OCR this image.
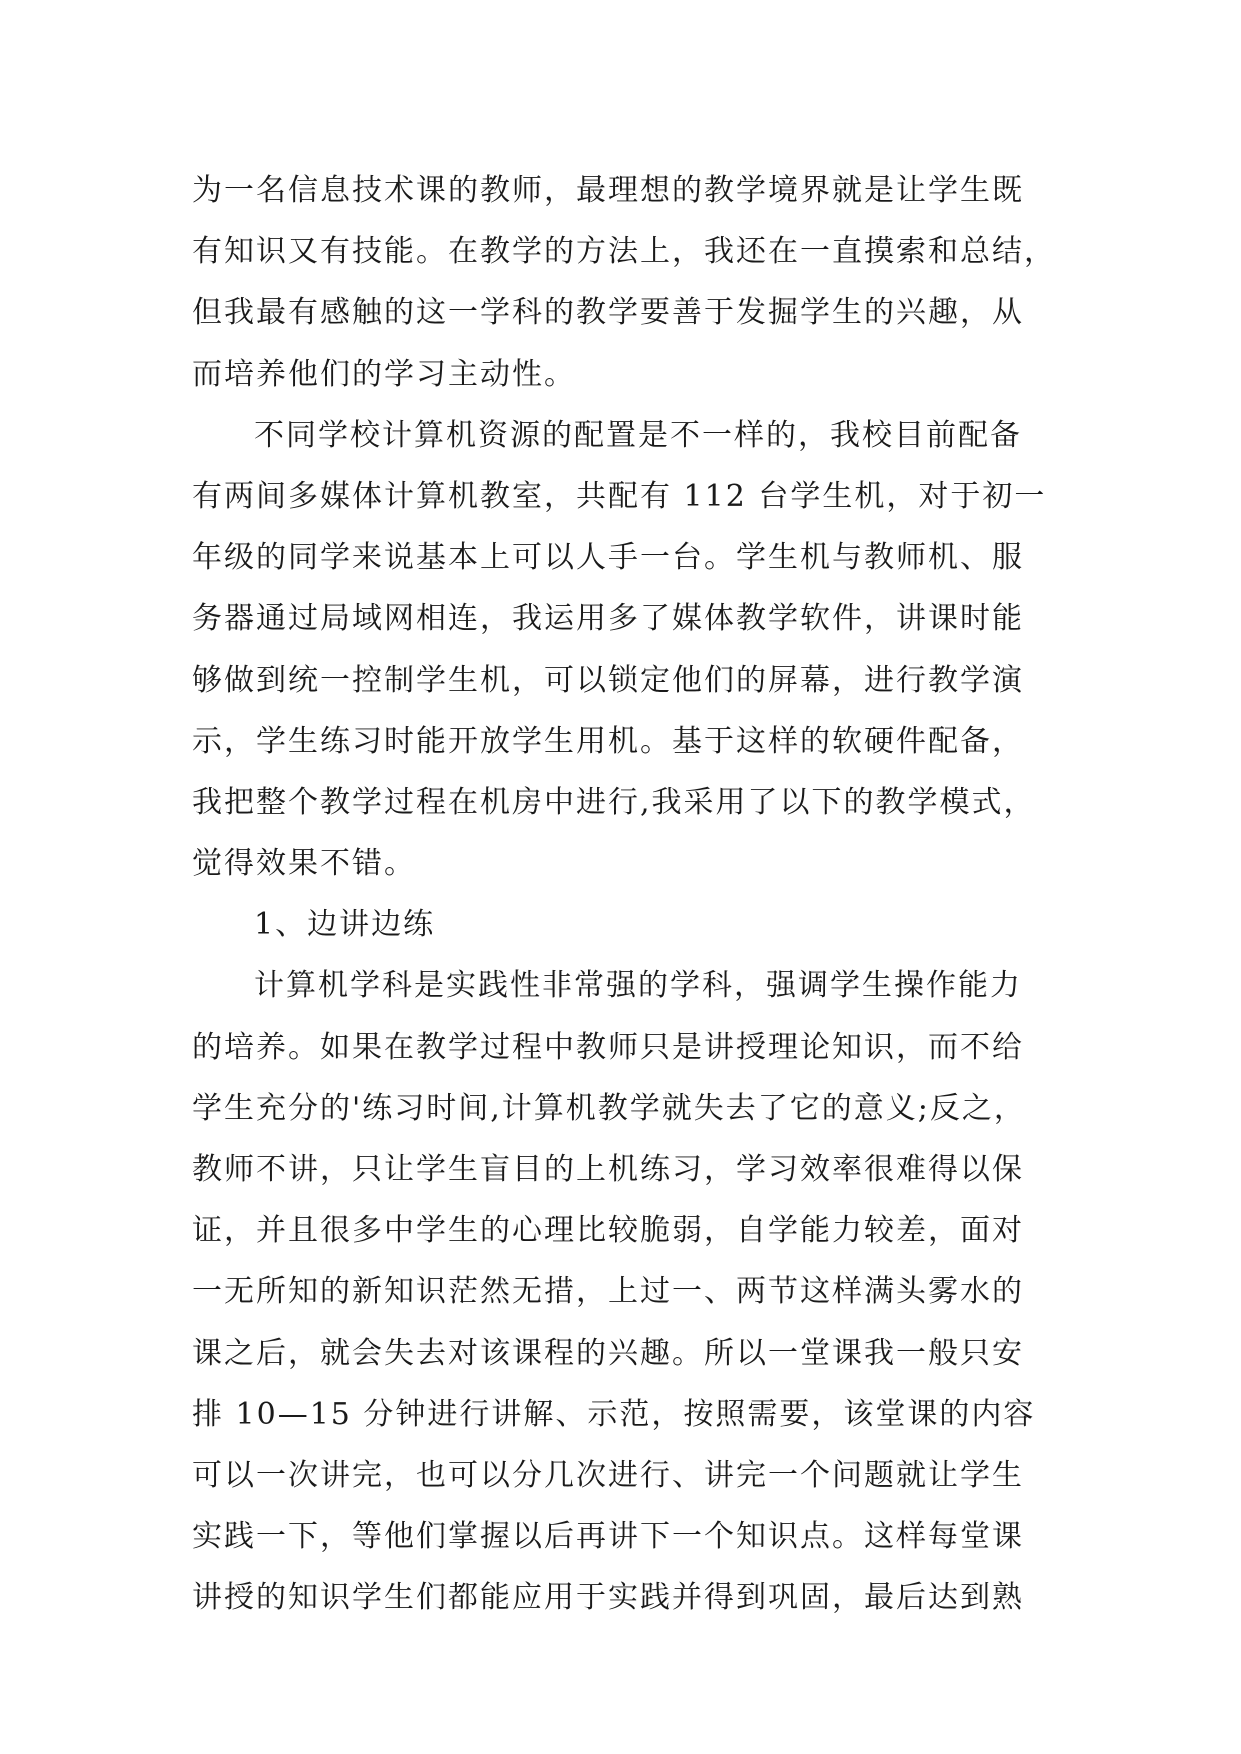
为一名信息技术课的教师，最理想的教学境界就是让学生既
有知识又有技能。在教学的方法上，我还在一直摸索和总结，
但我最有感触的这一学科的教学要善于发掘学生的兴趣，从
而培养他们的学习主动性。
不同学校计算机资源的配置是不一样的，我校目前配备
有两间多媒体计算机教室，共配有 112 台学生机，对于初一
年级的同学来说基本上可以人手一台。学生机与教师机、服
务器通过局域网相连，我运用多了媒体教学软件，讲课时能
够做到统一控制学生机，可以锁定他们的屏幕，进行教学演
示，学生练习时能开放学生用机。基于这样的软硬件配备，
我把整个教学过程在机房中进行,我采用了以下的教学模式，
觉得效果不错。
1、边讲边练
计算机学科是实践性非常强的学科，强调学生操作能力
的培养。如果在教学过程中教师只是讲授理论知识，而不给
学生充分的'练习时间,计算机教学就失去了它的意义;反之，
教师不讲，只让学生盲目的上机练习，学习效率很难得以保
证，并且很多中学生的心理比较脆弱，自学能力较差，面对
一无所知的新知识茫然无措，上过一、两节这样满头雾水的
课之后，就会失去对该课程的兴趣。所以一堂课我一般只安
排 10—15 分钟进行讲解、示范，按照需要，该堂课的内容
可以一次讲完，也可以分几次进行、讲完一个问题就让学生
实践一下，等他们掌握以后再讲下一个知识点。这样每堂课
讲授的知识学生们都能应用于实践并得到巩固，最后达到熟
